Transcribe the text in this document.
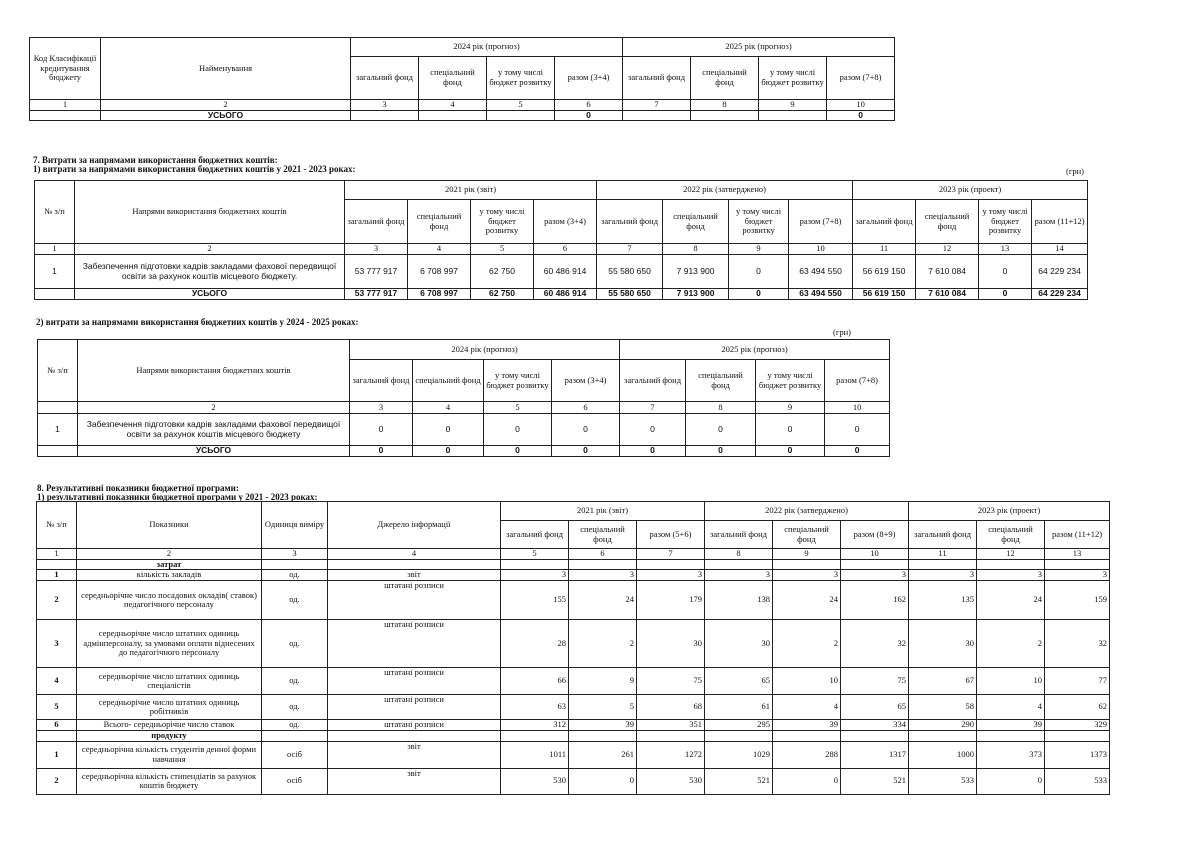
Код Класифікації кредитування бюджету	Найменування	2024 рік (прогноз)				2025 рік (прогноз)			
		загальний фонд	спеціальний фонд	у тому числі бюджет розвитку	разом (3+4)	загальний фонд	спеціальний фонд	у тому числі бюджет розвитку	разом (7+8)
1	2	3	4	5	6	7	8	9	10
	УСЬОГО				0				0
7. Витрати за напрямами використання бюджетних коштів:
1) витрати за напрямами використання бюджетних коштів у 2021 - 2023 роках:	(грн)
№ з/п	Напрями використання бюджетних коштів	2021 рік (звіт)				2022 рік (затверджено)				2023 рік (проект)			
		загальний фонд	спеціальний фонд	у тому числі бюджет розвитку	разом (3+4)	загальний фонд	спеціальний фонд	у тому числі бюджет розвитку	разом (7+8)	загальний фонд	спеціальний фонд	у тому числі бюджет розвитку	разом (11+12)
1	2	3	4	5	6	7	8	9	10	11	12	13	14
1	Забезпечення підготовки кадрів закладами фахової передвищої освіти за рахунок коштів місцевого бюджету.	53 777 917	6 708 997	62 750	60 486 914	55 580 650	7 913 900	0	63 494 550	56 619 150	7 610 084	0	64 229 234
	УСЬОГО	53 777 917	6 708 997	62 750	60 486 914	55 580 650	7 913 900	0	63 494 550	56 619 150	7 610 084	0	64 229 234
2) витрати за напрямами використання бюджетних коштів у 2024 - 2025 роках:
(грн)
№ з/п	Напрями використання бюджетних коштів	2024 рік (прогноз)				2025 рік (прогноз)			
		загальний фонд	спеціальний фонд	у тому числі бюджет розвитку	разом (3+4)	загальний фонд	спеціальний фонд	у тому числі бюджет розвитку	разом (7+8)
	2	3	4	5	6	7	8	9	10
1	Забезпечення підготовки кадрів закладами фахової передвищої освіти за рахунок коштів місцевого бюджету	0	0	0	0	0	0	0	0
	УСЬОГО	0	0	0	0	0	0	0	0
8. Результативні показники бюджетної програми:
1) результативні показники бюджетної програми у 2021 - 2023 роках:
№ з/п	Показники	Одиниця виміру	Джерело інформації	2021 рік (звіт)			2022 рік (затверджено)			2023 рік (проект)		
				загальний фонд	спеціальний фонд	разом (5+6)	загальний фонд	спеціальний фонд	разом (8+9)	загальний фонд	спеціальний фонд	разом (11+12)
1	2	3	4	5	6	7	8	9	10	11	12	13
	затрат											
1	кількість закладів	од.	звіт	3	3	3	3	3	3	3	3	3
2	середньорічне число посадових окладів( ставок) педагогічного персоналу	од.	штатані розписи	155	24	179	138	24	162	135	24	159
3	середньорічне число штатних одиниць адмінперсоналу, за умовами оплати віднесених до педагогічного персоналу	од.	штатані розписи	28	2	30	30	2	32	30	2	32
4	середньорічне число штатних одиниць спеціалістів	од.	штатані розписи	66	9	75	65	10	75	67	10	77
5	середньорічне число штатних одиниць робітників	од.	штатані розписи	63	5	68	61	4	65	58	4	62
6	Всього- середньорічне число ставок	од.	штатані розписи	312	39	351	295	39	334	290	39	329
	продукту											
1	середньорічна кількість студентів денної форми навчання	осіб	звіт	1011	261	1272	1029	288	1317	1000	373	1373
2	середньорічна кількість стипендіатів за рахунок коштів бюджету	осіб	звіт	530	0	530	521	0	521	533	0	533
